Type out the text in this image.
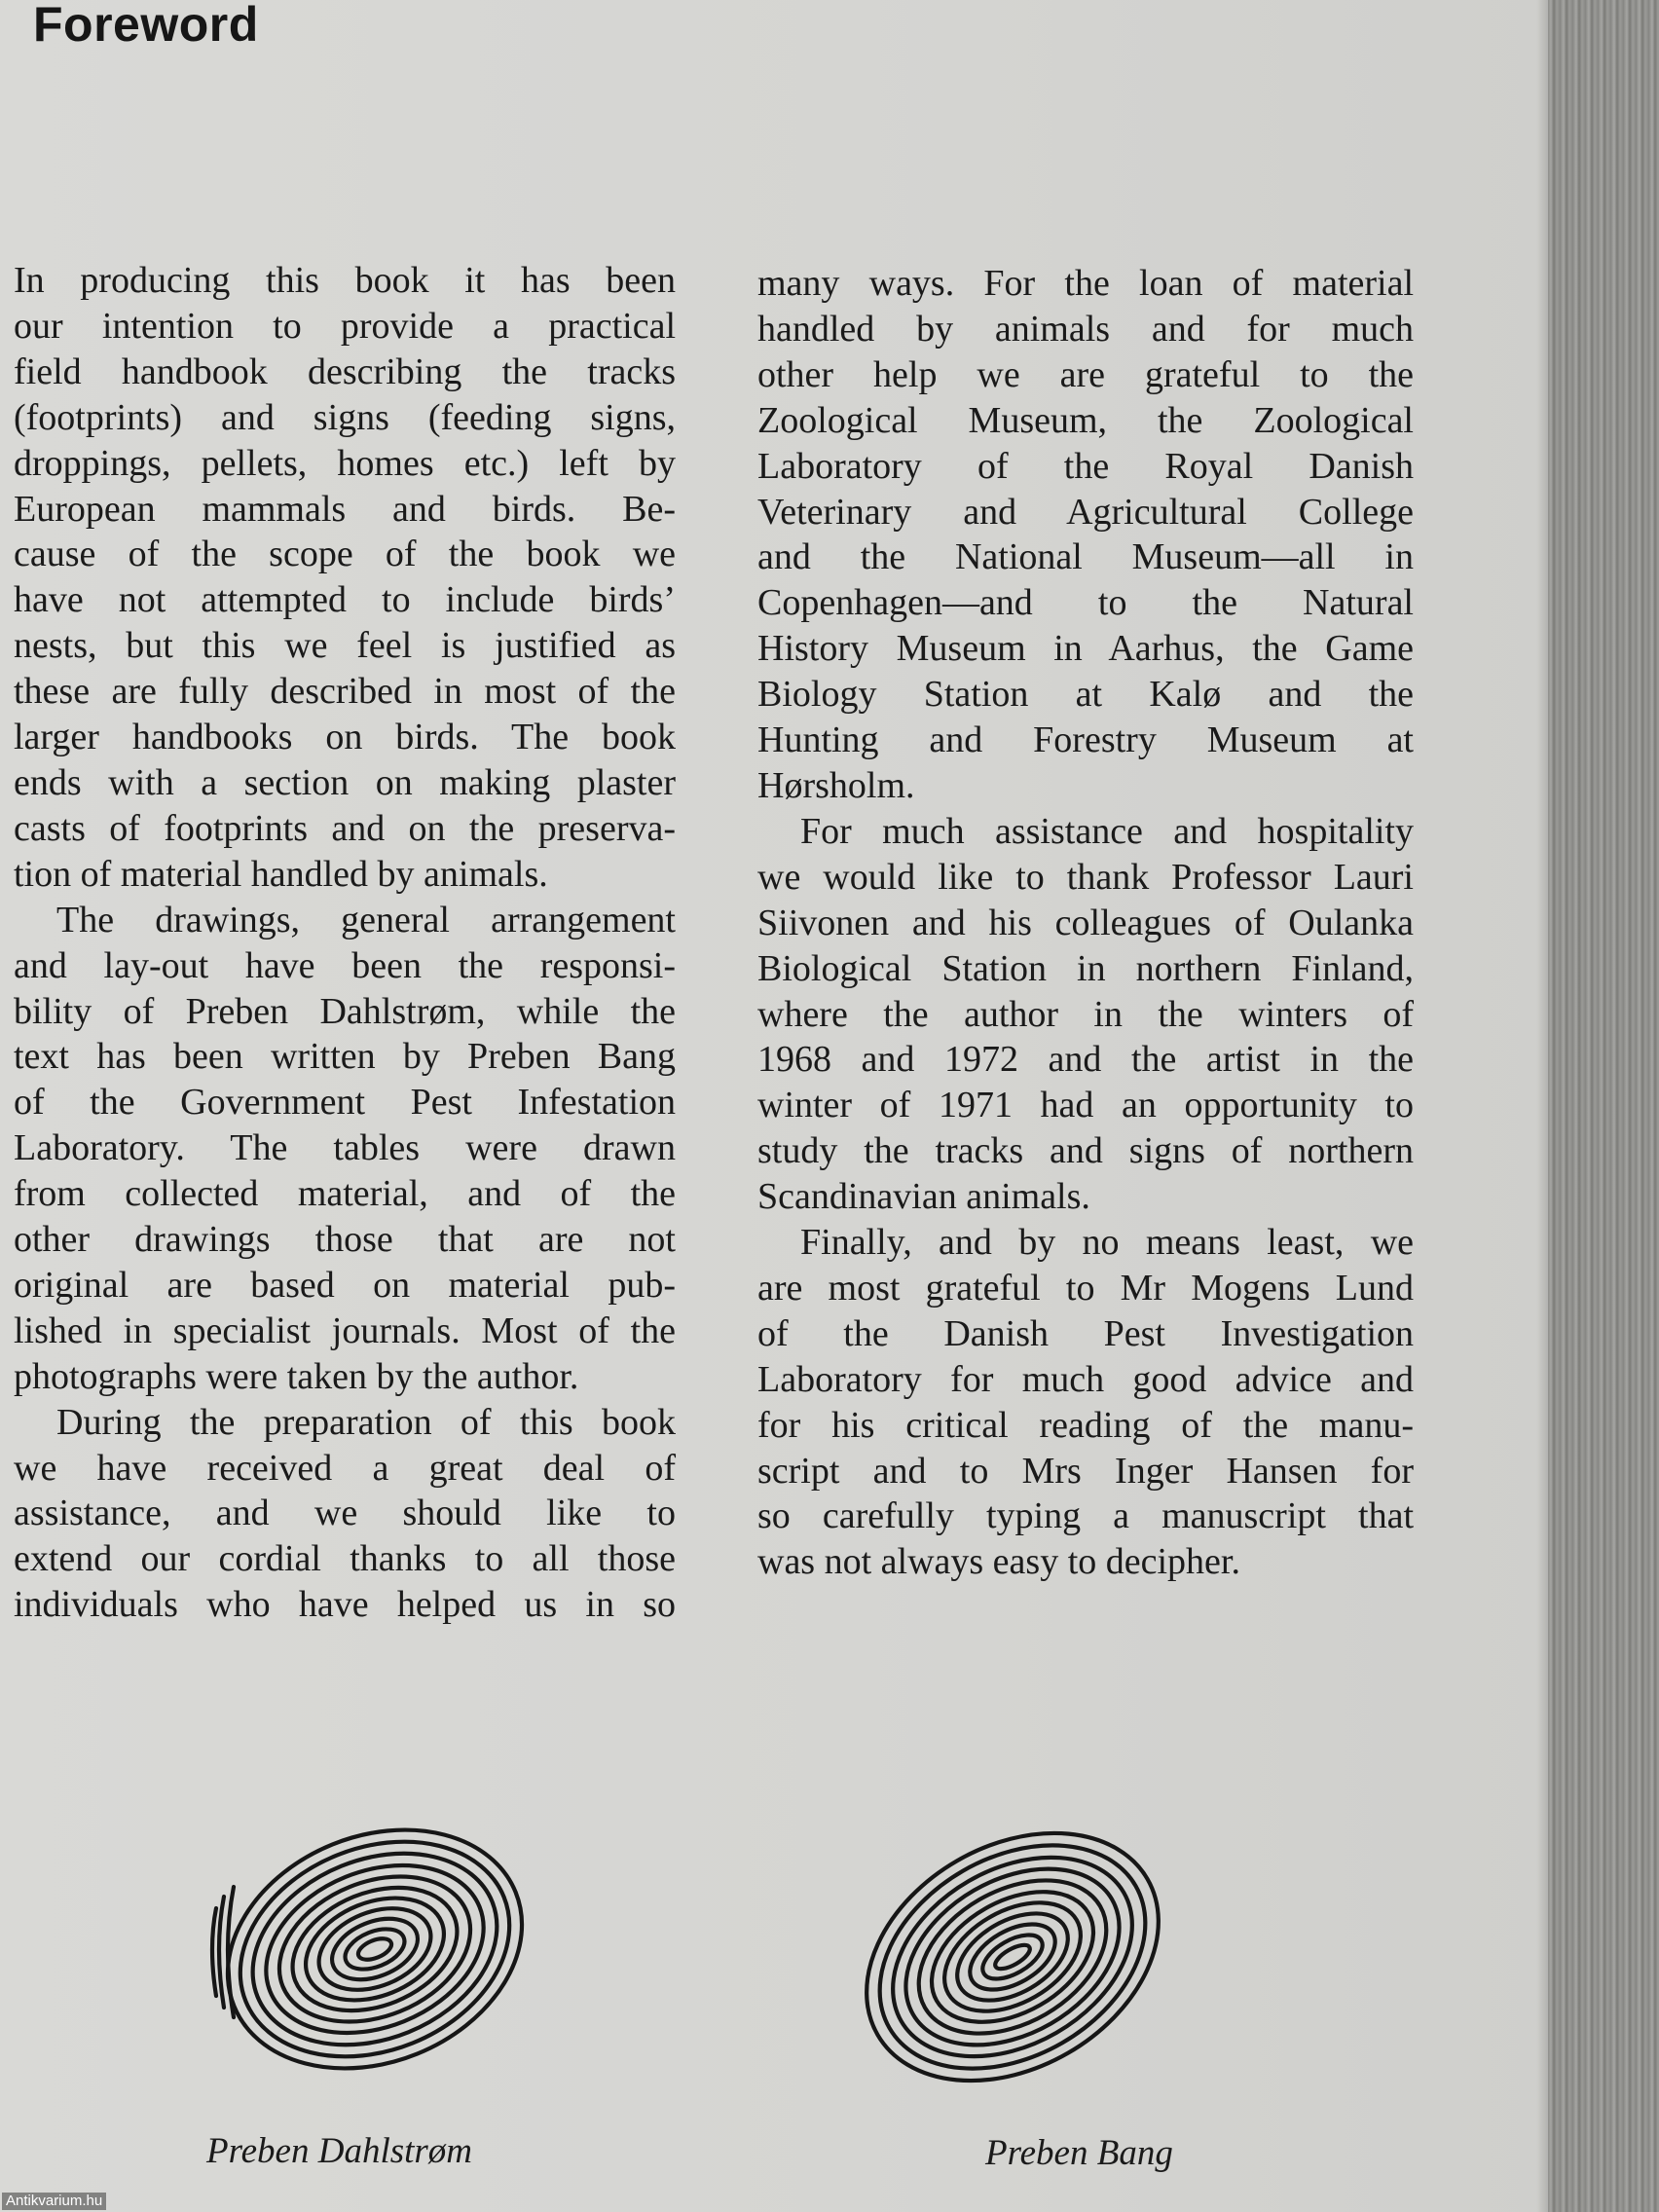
Foreword
In producing this book it has been
our intention to provide a practical
field handbook describing the tracks
(footprints) and signs (feeding signs,
droppings, pellets, homes etc.) left by
European mammals and birds. Be-
cause of the scope of the book we
have not attempted to include birds’
nests, but this we feel is justified as
these are fully described in most of the
larger handbooks on birds. The book
ends with a section on making plaster
casts of footprints and on the preserva-
tion of material handled by animals.
The drawings, general arrangement
and lay-out have been the responsi-
bility of Preben Dahlstrøm, while the
text has been written by Preben Bang
of the Government Pest Infestation
Laboratory. The tables were drawn
from collected material, and of the
other drawings those that are not
original are based on material pub-
lished in specialist journals. Most of the
photographs were taken by the author.
During the preparation of this book
we have received a great deal of
assistance, and we should like to
extend our cordial thanks to all those
individuals who have helped us in so
many ways. For the loan of material
handled by animals and for much
other help we are grateful to the
Zoological Museum, the Zoological
Laboratory of the Royal Danish
Veterinary and Agricultural College
and the National Museum—all in
Copenhagen—and to the Natural
History Museum in Aarhus, the Game
Biology Station at Kalø and the
Hunting and Forestry Museum at
Hørsholm.
For much assistance and hospitality
we would like to thank Professor Lauri
Siivonen and his colleagues of Oulanka
Biological Station in northern Finland,
where the author in the winters of
1968 and 1972 and the artist in the
winter of 1971 had an opportunity to
study the tracks and signs of northern
Scandinavian animals.
Finally, and by no means least, we
are most grateful to Mr Mogens Lund
of the Danish Pest Investigation
Laboratory for much good advice and
for his critical reading of the manu-
script and to Mrs Inger Hansen for
so carefully typing a manuscript that
was not always easy to decipher.
Preben Dahlstrøm	Preben Bang
Antikvarium.hu
